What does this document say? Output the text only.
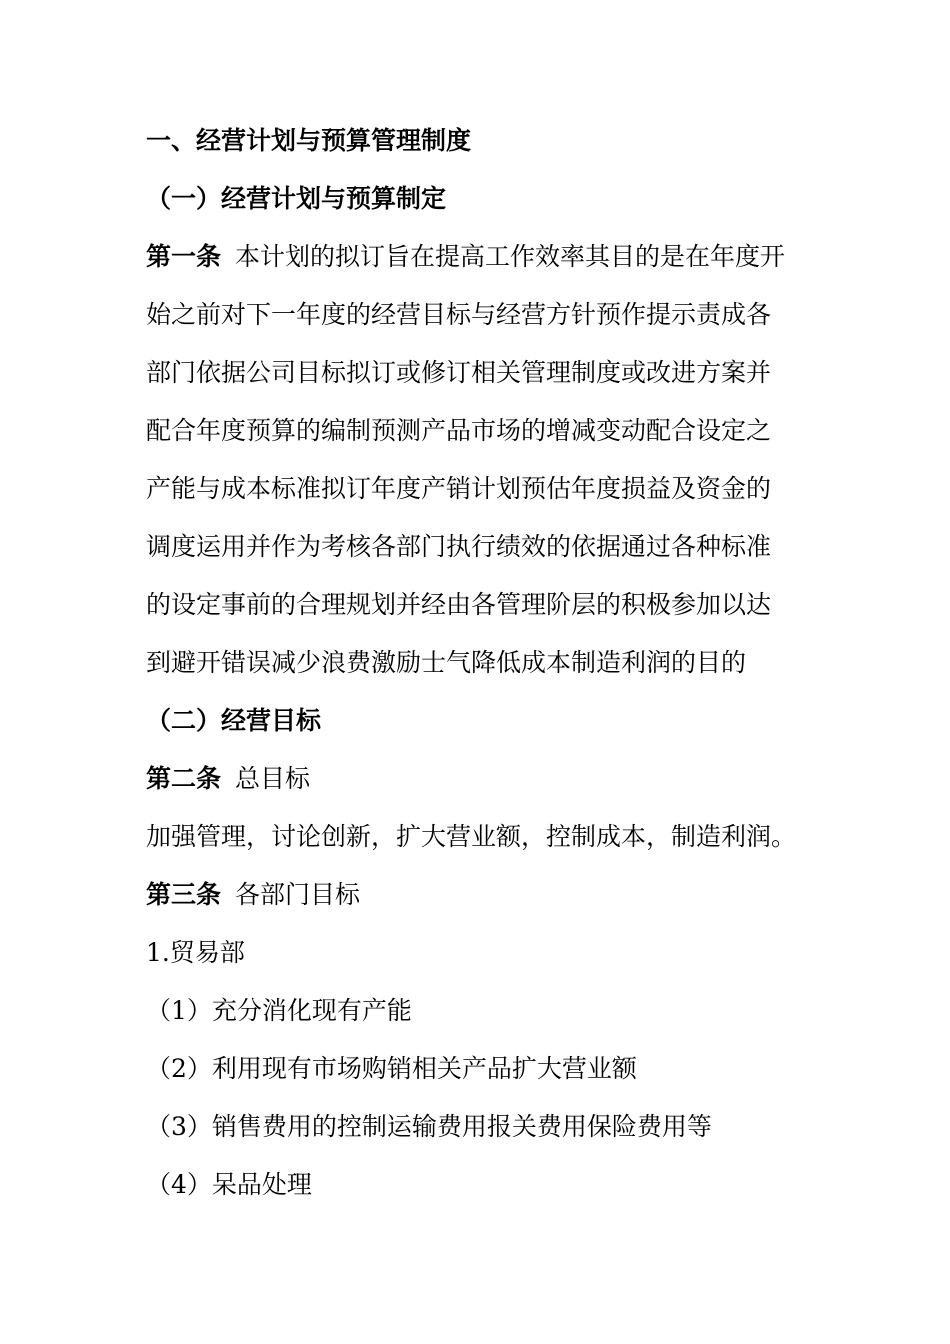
一、经营计划与预算管理制度
（一）经营计划与预算制定
第一条 本计划的拟订旨在提高工作效率其目的是在年度开
始之前对下一年度的经营目标与经营方针预作提示责成各
部门依据公司目标拟订或修订相关管理制度或改进方案并
配合年度预算的编制预测产品市场的增减变动配合设定之
产能与成本标准拟订年度产销计划预估年度损益及资金的
调度运用并作为考核各部门执行绩效的依据通过各种标准
的设定事前的合理规划并经由各管理阶层的积极参加以达
到避开错误减少浪费激励士气降低成本制造利润的目的
（二）经营目标
第二条 总目标
加强管理，讨论创新，扩大营业额，控制成本，制造利润。
第三条 各部门目标
1.贸易部
（1）充分消化现有产能
（2）利用现有市场购销相关产品扩大营业额
（3）销售费用的控制运输费用报关费用保险费用等
（4）呆品处理
